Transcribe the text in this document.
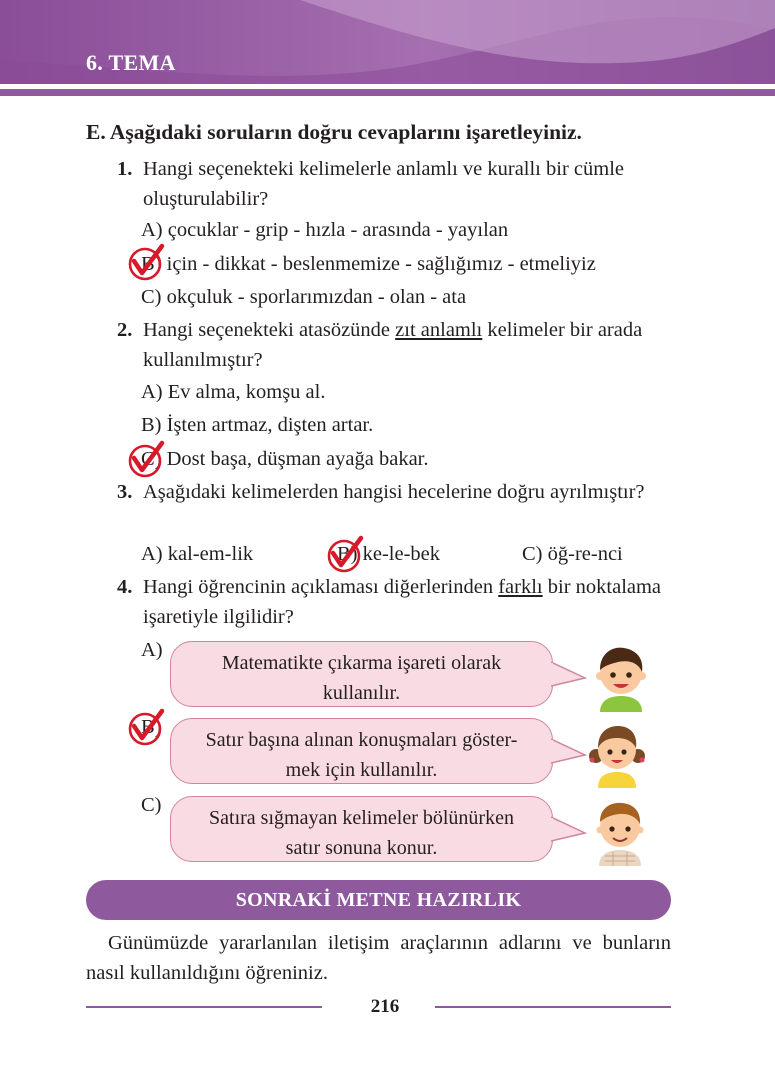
6. TEMA
E. Aşağıdaki soruların doğru cevaplarını işaretleyiniz.
1. Hangi seçenekteki kelimelerle anlamlı ve kurallı bir cümle oluşturulabilir?
A) çocuklar - grip - hızla - arasında - yayılan
B) için - dikkat - beslenmemize - sağlığımız - etmeliyiz
C) okçuluk - sporlarımızdan - olan - ata
2. Hangi seçenekteki atasözünde zıt anlamlı kelimeler bir arada kullanılmıştır?
A) Ev alma, komşu al.
B) İşten artmaz, dişten artar.
C) Dost başa, düşman ayağa bakar.
3. Aşağıdaki kelimelerden hangisi hecelerine doğru ayrılmıştır?
A) kal-em-lik	B) ke-le-bek	C) öğ-re-nci
4. Hangi öğrencinin açıklaması diğerlerinden farklı bir noktalama işaretiyle ilgilidir?
A)
Matematikte çıkarma işareti olarak
kullanılır.
B)
Satır başına alınan konuşmaları göster-
mek için kullanılır.
C)
Satıra sığmayan kelimeler bölünürken
satır sonuna konur.
SONRAKİ METNE HAZIRLIK
Günümüzde yararlanılan iletişim araçlarının adlarını ve bunların nasıl kullanıldığını öğreniniz.
216
